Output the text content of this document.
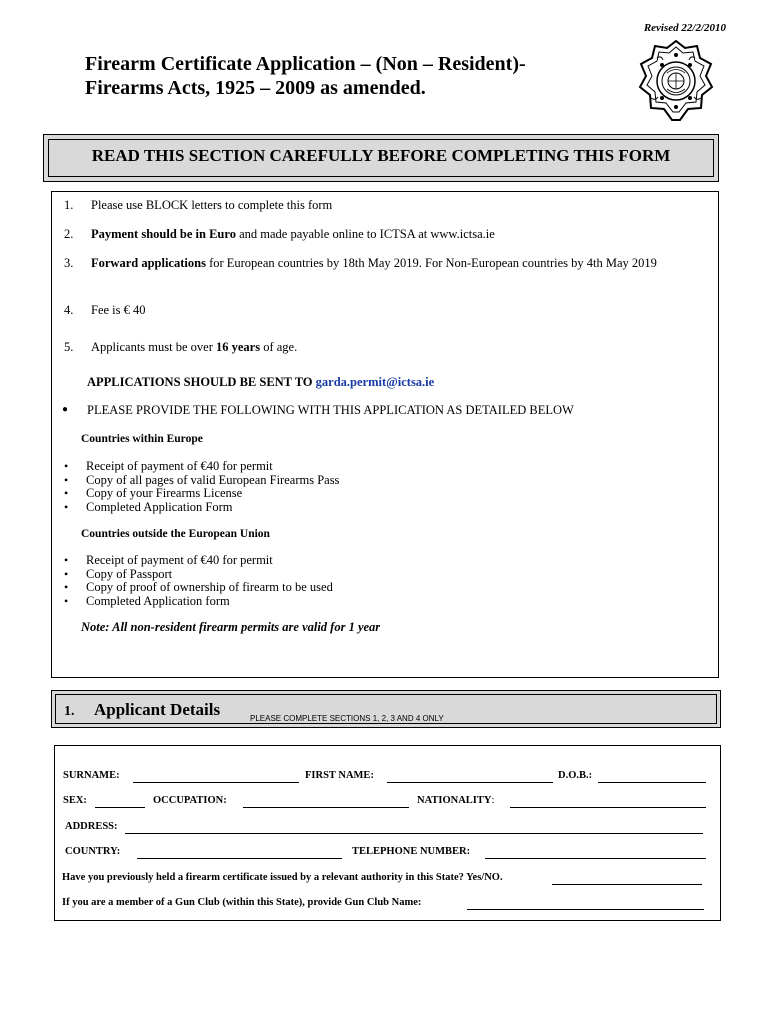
Revised 22/2/2010
Firearm Certificate Application – (Non – Resident)-
Firearms Acts, 1925 – 2009 as amended.
READ THIS SECTION CAREFULLY BEFORE COMPLETING THIS FORM
1.	Please use BLOCK letters to complete this form
2.	Payment should be in Euro and made payable online to ICTSA at www.ictsa.ie
3.	Forward applications for European countries by 18th May 2019. For Non-European countries by 4th May 2019
4.	Fee is € 40
5.	Applicants must be over 16 years of age.
APPLICATIONS SHOULD BE SENT TO garda.permit@ictsa.ie
● PLEASE PROVIDE THE FOLLOWING WITH THIS APPLICATION AS DETAILED BELOW
Countries within Europe
• Receipt of payment of €40 for permit
• Copy of all pages of valid European Firearms Pass
• Copy of your Firearms License
• Completed Application Form
Countries outside the European Union
• Receipt of payment of €40 for permit
• Copy of Passport
• Copy of proof of ownership of firearm to be used
• Completed Application form
Note: All non-resident firearm permits are valid for 1 year
1. Applicant Details	PLEASE COMPLETE SECTIONS 1, 2, 3 AND 4 ONLY
SURNAME:	FIRST NAME:	D.O.B.:
SEX:	OCCUPATION:	NATIONALITY:
ADDRESS:
COUNTRY:	TELEPHONE NUMBER:
Have you previously held a firearm certificate issued by a relevant authority in this State? Yes/NO.
If you are a member of a Gun Club (within this State), provide Gun Club Name:
